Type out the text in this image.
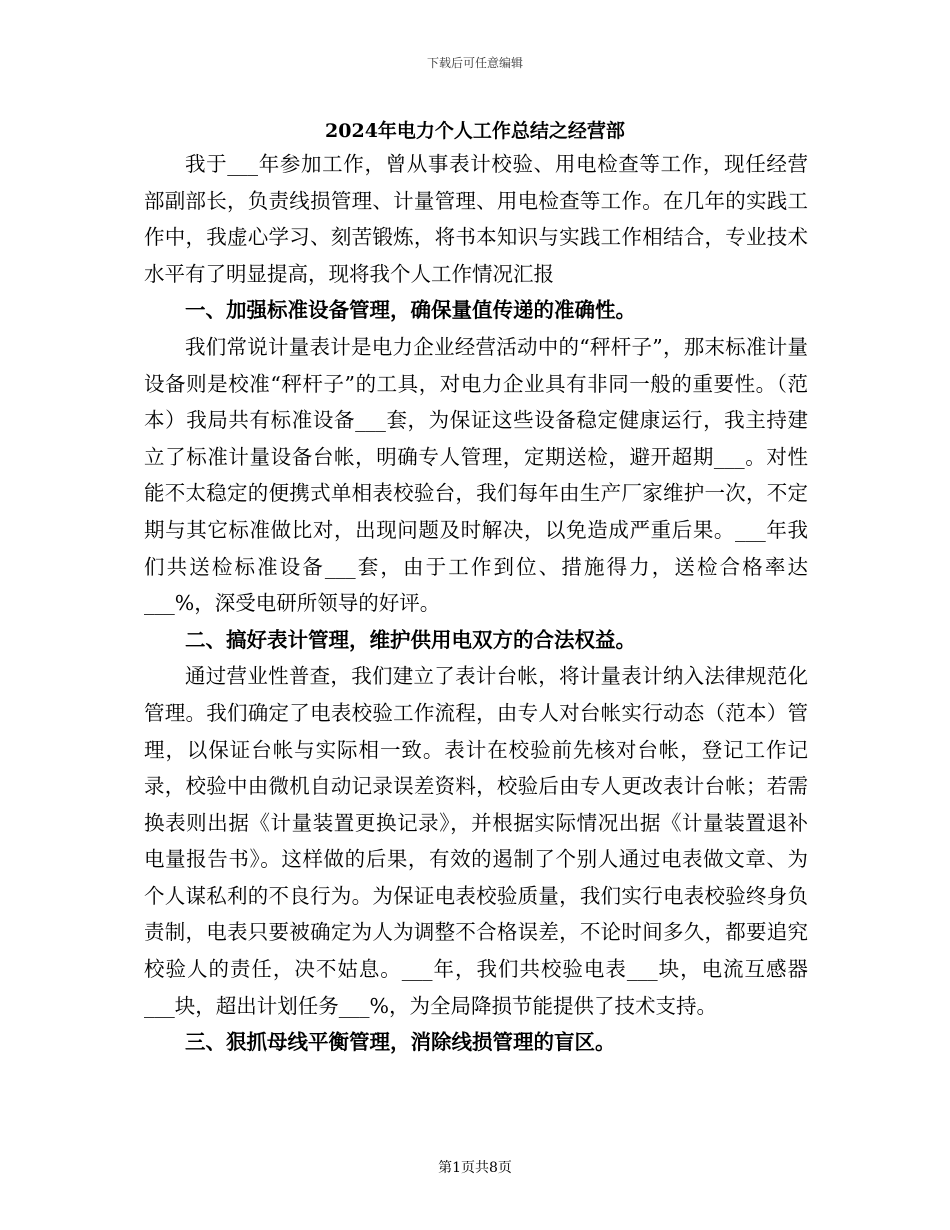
下载后可任意编辑
2024年电力个人工作总结之经营部

我于___年参加工作，曾从事表计校验、用电检查等工作，现任经营部副部长，负责线损管理、计量管理、用电检查等工作。在几年的实践工作中，我虚心学习、刻苦锻炼，将书本知识与实践工作相结合，专业技术水平有了明显提高，现将我个人工作情况汇报

一、加强标准设备管理，确保量值传递的准确性。

我们常说计量表计是电力企业经营活动中的“秤杆子”，那末标准计量设备则是校准“秤杆子”的工具，对电力企业具有非同一般的重要性。（范本）我局共有标准设备___套，为保证这些设备稳定健康运行，我主持建立了标准计量设备台帐，明确专人管理，定期送检，避开超期___。对性能不太稳定的便携式单相表校验台，我们每年由生产厂家维护一次，不定期与其它标准做比对，出现问题及时解决，以免造成严重后果。___年我们共送检标准设备___套，由于工作到位、措施得力，送检合格率达___%，深受电研所领导的好评。

二、搞好表计管理，维护供用电双方的合法权益。

通过营业性普查，我们建立了表计台帐，将计量表计纳入法律规范化管理。我们确定了电表校验工作流程，由专人对台帐实行动态（范本）管理，以保证台帐与实际相一致。表计在校验前先核对台帐，登记工作记录，校验中由微机自动记录误差资料，校验后由专人更改表计台帐；若需换表则出据《计量装置更换记录》，并根据实际情况出据《计量装置退补电量报告书》。这样做的后果，有效的遏制了个别人通过电表做文章、为个人谋私利的不良行为。为保证电表校验质量，我们实行电表校验终身负责制，电表只要被确定为人为调整不合格误差，不论时间多久，都要追究校验人的责任，决不姑息。___年，我们共校验电表___块，电流互感器___块，超出计划任务___%，为全局降损节能提供了技术支持。

三、狠抓母线平衡管理，消除线损管理的盲区。
第1页共8页
